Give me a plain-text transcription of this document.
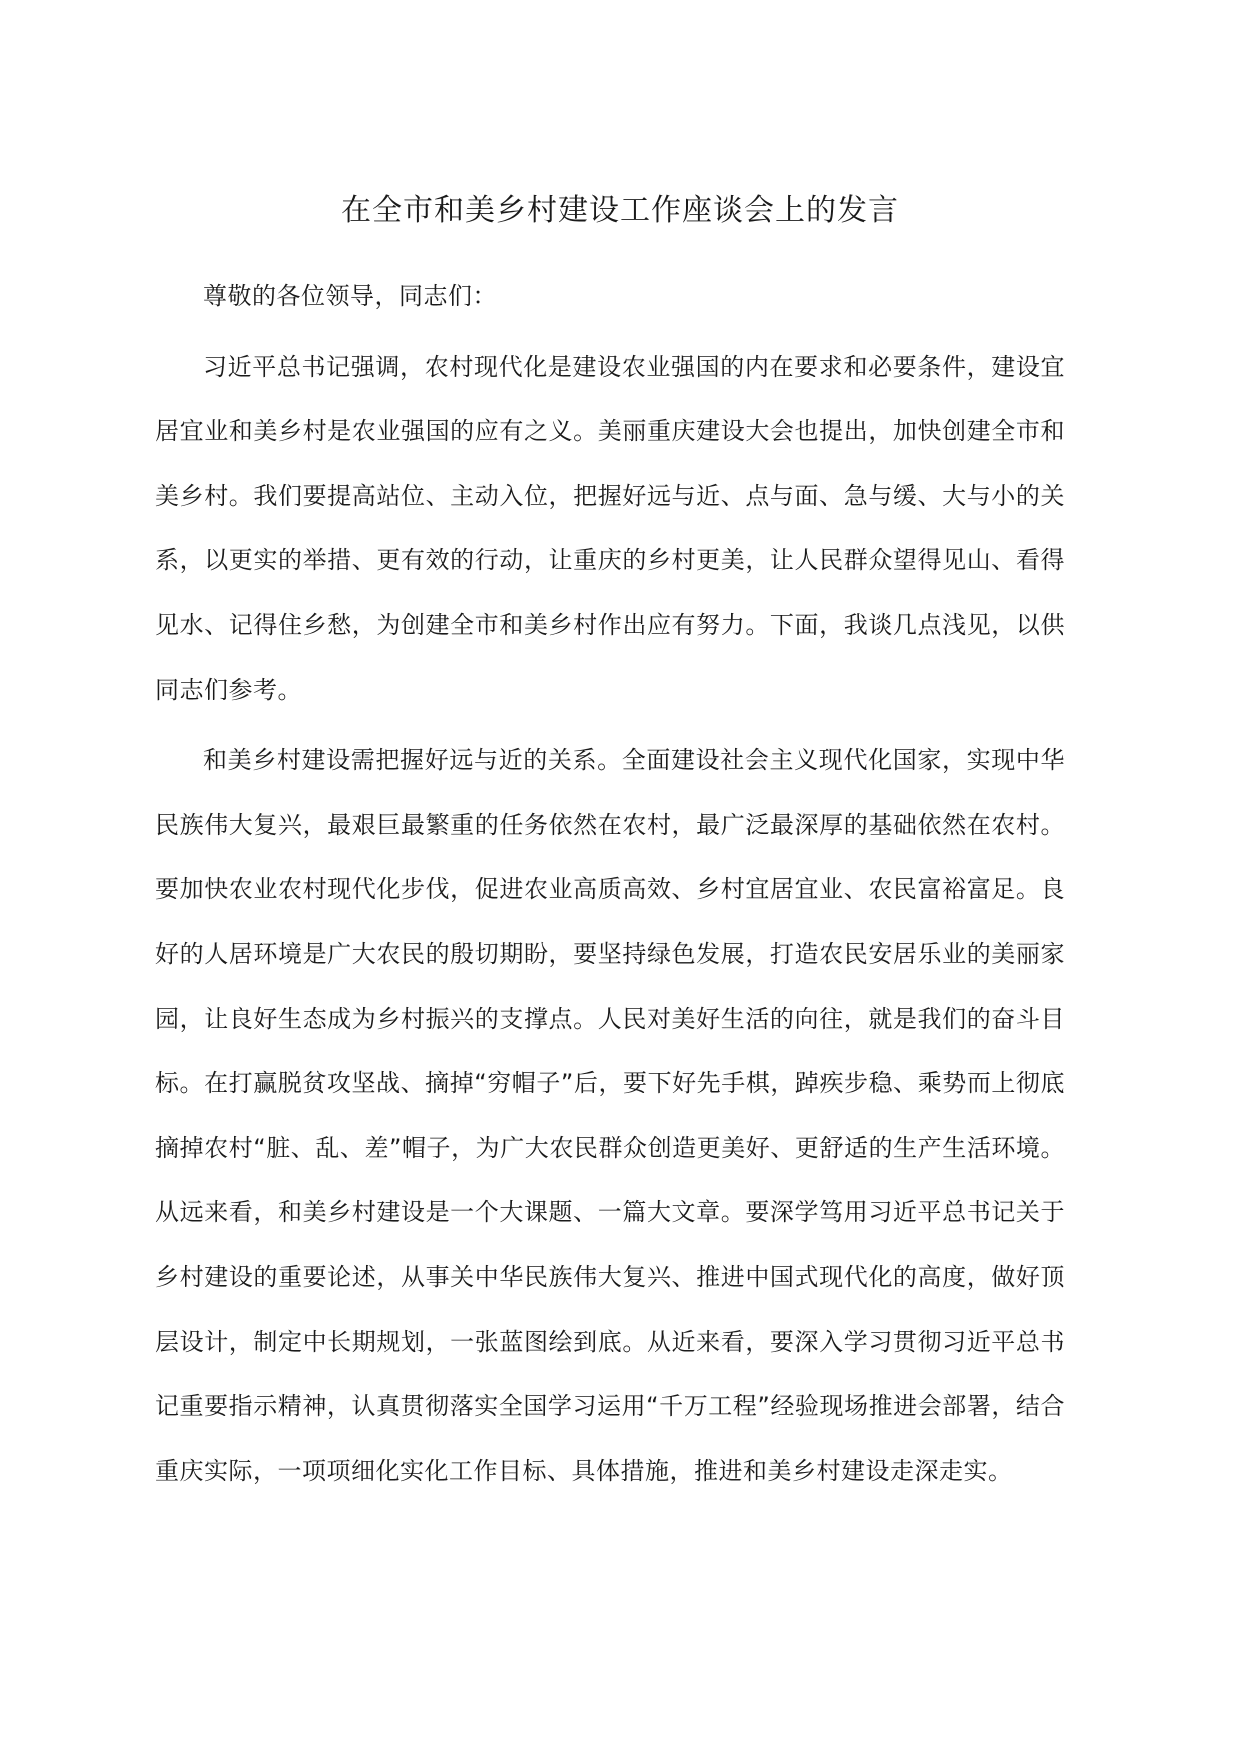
在全市和美乡村建设工作座谈会上的发言

尊敬的各位领导，同志们：

习近平总书记强调，农村现代化是建设农业强国的内在要求和必要条件，建设宜居宜业和美乡村是农业强国的应有之义。美丽重庆建设大会也提出，加快创建全市和美乡村。我们要提高站位、主动入位，把握好远与近、点与面、急与缓、大与小的关系，以更实的举措、更有效的行动，让重庆的乡村更美，让人民群众望得见山、看得见水、记得住乡愁，为创建全市和美乡村作出应有努力。下面，我谈几点浅见，以供同志们参考。

和美乡村建设需把握好远与近的关系。全面建设社会主义现代化国家，实现中华民族伟大复兴，最艰巨最繁重的任务依然在农村，最广泛最深厚的基础依然在农村。要加快农业农村现代化步伐，促进农业高质高效、乡村宜居宜业、农民富裕富足。良好的人居环境是广大农民的殷切期盼，要坚持绿色发展，打造农民安居乐业的美丽家园，让良好生态成为乡村振兴的支撑点。人民对美好生活的向往，就是我们的奋斗目标。在打赢脱贫攻坚战、摘掉“穷帽子”后，要下好先手棋，踔疾步稳、乘势而上彻底摘掉农村“脏、乱、差”帽子，为广大农民群众创造更美好、更舒适的生产生活环境。从远来看，和美乡村建设是一个大课题、一篇大文章。要深学笃用习近平总书记关于乡村建设的重要论述，从事关中华民族伟大复兴、推进中国式现代化的高度，做好顶层设计，制定中长期规划，一张蓝图绘到底。从近来看，要深入学习贯彻习近平总书记重要指示精神，认真贯彻落实全国学习运用“千万工程”经验现场推进会部署，结合重庆实际，一项项细化实化工作目标、具体措施，推进和美乡村建设走深走实。
